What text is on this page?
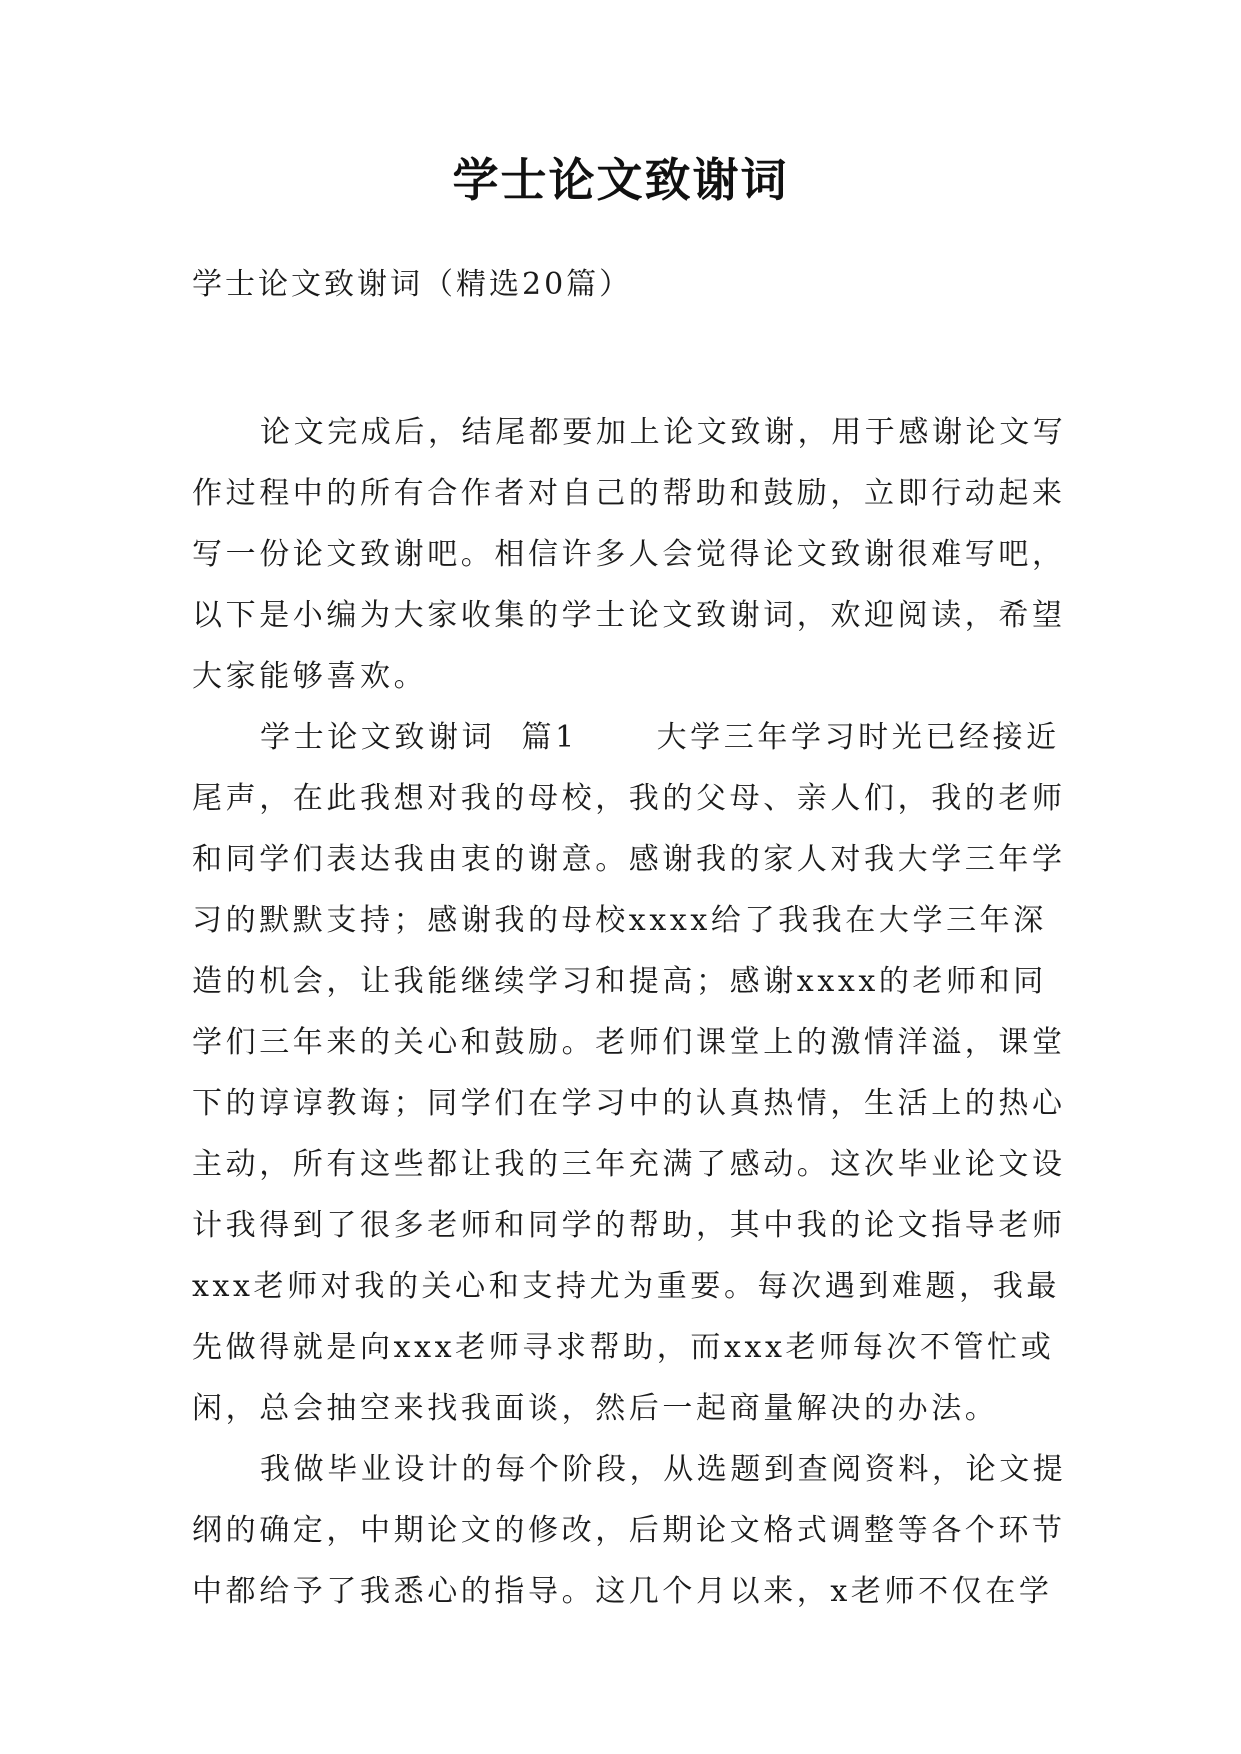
学士论文致谢词
学士论文致谢词（精选20篇）
论文完成后，结尾都要加上论文致谢，用于感谢论文写
作过程中的所有合作者对自己的帮助和鼓励，立即行动起来
写一份论文致谢吧。相信许多人会觉得论文致谢很难写吧，
以下是小编为大家收集的学士论文致谢词，欢迎阅读，希望
大家能够喜欢。
学士论文致谢词  篇1      大学三年学习时光已经接近
尾声，在此我想对我的母校，我的父母、亲人们，我的老师
和同学们表达我由衷的谢意。感谢我的家人对我大学三年学
习的默默支持；感谢我的母校xxxx给了我我在大学三年深
造的机会，让我能继续学习和提高；感谢xxxx的老师和同
学们三年来的关心和鼓励。老师们课堂上的激情洋溢，课堂
下的谆谆教诲；同学们在学习中的认真热情，生活上的热心
主动，所有这些都让我的三年充满了感动。这次毕业论文设
计我得到了很多老师和同学的帮助，其中我的论文指导老师
xxx老师对我的关心和支持尤为重要。每次遇到难题，我最
先做得就是向xxx老师寻求帮助，而xxx老师每次不管忙或
闲，总会抽空来找我面谈，然后一起商量解决的办法。
我做毕业设计的每个阶段，从选题到查阅资料，论文提
纲的确定，中期论文的修改，后期论文格式调整等各个环节
中都给予了我悉心的指导。这几个月以来，x老师不仅在学
